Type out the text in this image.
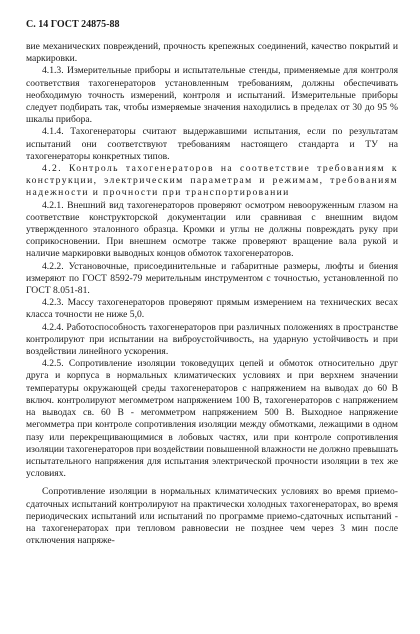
С. 14 ГОСТ 24875-88

вие механических повреждений, прочность крепежных соединений, качество покрытий и маркировки.

4.1.3. Измерительные приборы и испытательные стенды, применяемые для контроля соответствия тахогенераторов установленным требованиям, должны обеспечивать необходимую точность измерений, контроля и испытаний. Измерительные приборы следует подбирать так, чтобы измеряемые значения находились в пределах от 30 до 95 % шкалы прибора.

4.1.4. Тахогенераторы считают выдержавшими испытания, если по результатам испытаний они соответствуют требованиям настоящего стандарта и ТУ на тахогенераторы конкретных типов.

4.2. Контроль тахогенераторов на соответствие требованиям к конструкции, электрическим параметрам и режимам, требованиям надежности и прочности при транспортировании

4.2.1. Внешний вид тахогенераторов проверяют осмотром невооруженным глазом на соответствие конструкторской документации или сравнивая с внешним видом утвержденного эталонного образца. Кромки и углы не должны повреждать руку при соприкосновении. При внешнем осмотре также проверяют вращение вала рукой и наличие маркировки выводных концов обмоток тахогенераторов.

4.2.2. Установочные, присоединительные и габаритные размеры, люфты и биения измеряют по ГОСТ 8592-79 мерительным инструментом с точностью, установленной по ГОСТ 8.051-81.

4.2.3. Массу тахогенераторов проверяют прямым измерением на технических весах класса точности не ниже 5,0.

4.2.4. Работоспособность тахогенераторов при различных положениях в пространстве контролируют при испытании на виброустойчивость, на ударную устойчивость и при воздействии линейного ускорения.

4.2.5. Сопротивление изоляции токоведущих цепей и обмоток относительно друг друга и корпуса в нормальных климатических условиях и при верхнем значении температуры окружающей среды тахогенераторов с напряжением на выводах до 60 В включ. контролируют мегомметром напряжением 100 В, тахогенераторов с напряжением на выводах св. 60 В - мегомметром напряжением 500 В. Выходное напряжение мегомметра при контроле сопротивления изоляции между обмотками, лежащими в одном пазу или перекрещивающимися в лобовых частях, или при контроле сопротивления изоляции тахогенераторов при воздействии повышенной влажности не должно превышать испытательного напряжения для испытания электрической прочности изоляции в тех же условиях.

Сопротивление изоляции в нормальных климатических условиях во время приемо-сдаточных испытаний контролируют на практически холодных тахогенераторах, во время периодических испытаний или испытаний по программе приемо-сдаточных испытаний - на тахогенераторах при тепловом равновесии не позднее чем через 3 мин после отключения напряже-
